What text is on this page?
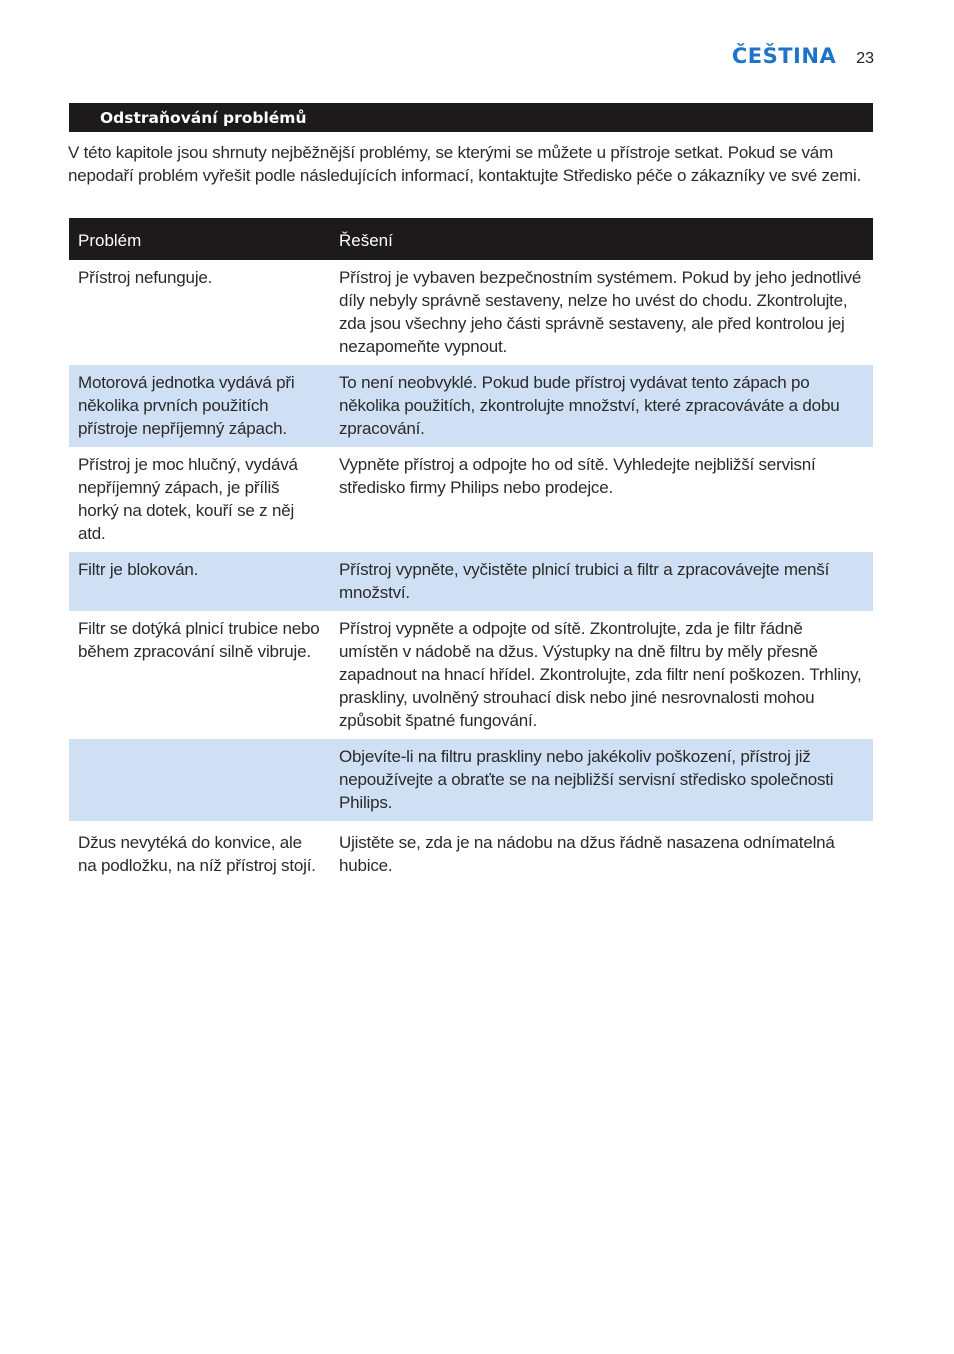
ČEŠTINA 23
Odstraňování problémů

V této kapitole jsou shrnuty nejběžnější problémy, se kterými se můžete u přístroje setkat. Pokud se vám nepodaří problém vyřešit podle následujících informací, kontaktujte Středisko péče o zákazníky ve své zemi.

Problém	Řešení
Přístroj nefunguje.	Přístroj je vybaven bezpečnostním systémem. Pokud by jeho jednotlivé díly nebyly správně sestaveny, nelze ho uvést do chodu. Zkontrolujte, zda jsou všechny jeho části správně sestaveny, ale před kontrolou jej nezapomeňte vypnout.
Motorová jednotka vydává při několika prvních použitích přístroje nepříjemný zápach.	To není neobvyklé. Pokud bude přístroj vydávat tento zápach po několika použitích, zkontrolujte množství, které zpracováváte a dobu zpracování.
Přístroj je moc hlučný, vydává nepříjemný zápach, je příliš horký na dotek, kouří se z něj atd.	Vypněte přístroj a odpojte ho od sítě. Vyhledejte nejbližší servisní středisko firmy Philips nebo prodejce.
Filtr je blokován.	Přístroj vypněte, vyčistěte plnicí trubici a filtr a zpracovávejte menší množství.
Filtr se dotýká plnicí trubice nebo během zpracování silně vibruje.	Přístroj vypněte a odpojte od sítě. Zkontrolujte, zda je filtr řádně umístěn v nádobě na džus. Výstupky na dně filtru by měly přesně zapadnout na hnací hřídel. Zkontrolujte, zda filtr není poškozen. Trhliny, praskliny, uvolněný strouhací disk nebo jiné nesrovnalosti mohou způsobit špatné fungování.
	Objevíte-li na filtru praskliny nebo jakékoliv poškození, přístroj již nepoužívejte a obraťte se na nejbližší servisní středisko společnosti Philips.
Džus nevytéká do konvice, ale na podložku, na níž přístroj stojí.	Ujistěte se, zda je na nádobu na džus řádně nasazena odnímatelná hubice.
